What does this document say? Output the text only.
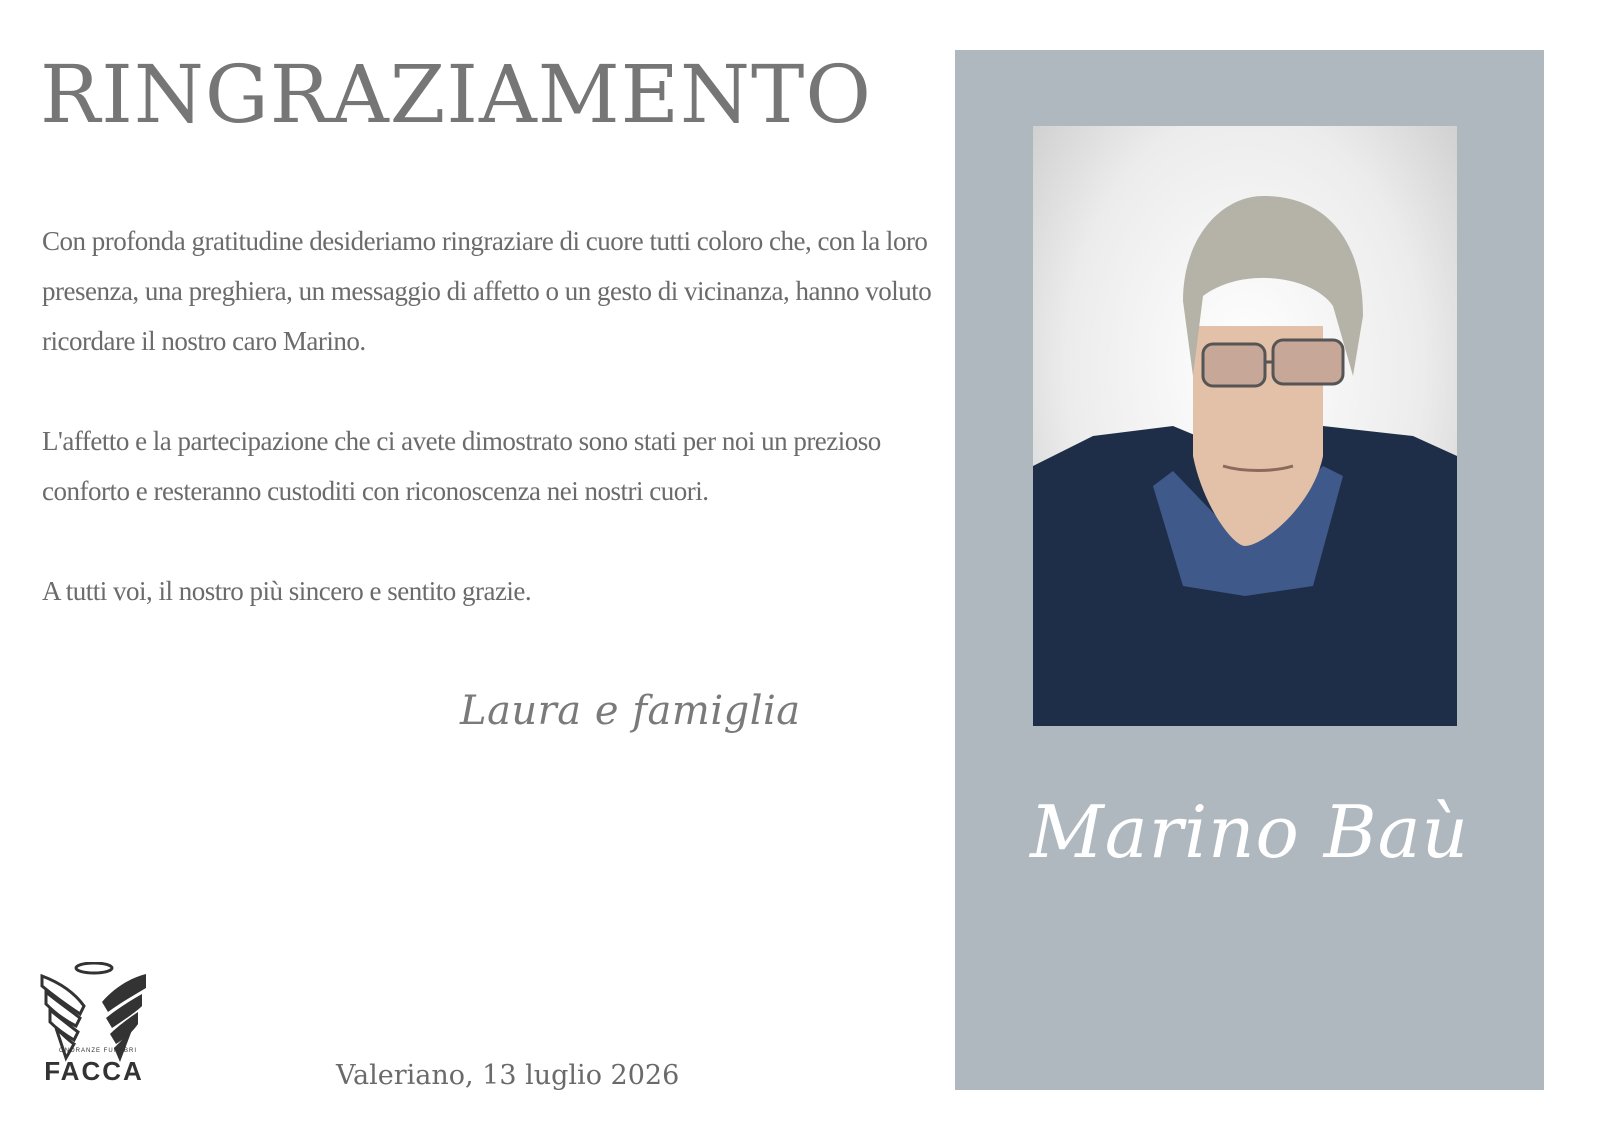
RINGRAZIAMENTO

Con profonda gratitudine desideriamo ringraziare di cuore tutti coloro che, con la loro presenza, una preghiera, un messaggio di affetto o un gesto di vicinanza, hanno voluto ricordare il nostro caro Marino.

L'affetto e la partecipazione che ci avete dimostrato sono stati per noi un prezioso conforto e resteranno custoditi con riconoscenza nei nostri cuori.

A tutti voi, il nostro più sincero e sentito grazie.

Laura e famiglia
ONORANZE FUNEBRI
FACCA	Valeriano, 13 luglio 2026
Marino Baù
